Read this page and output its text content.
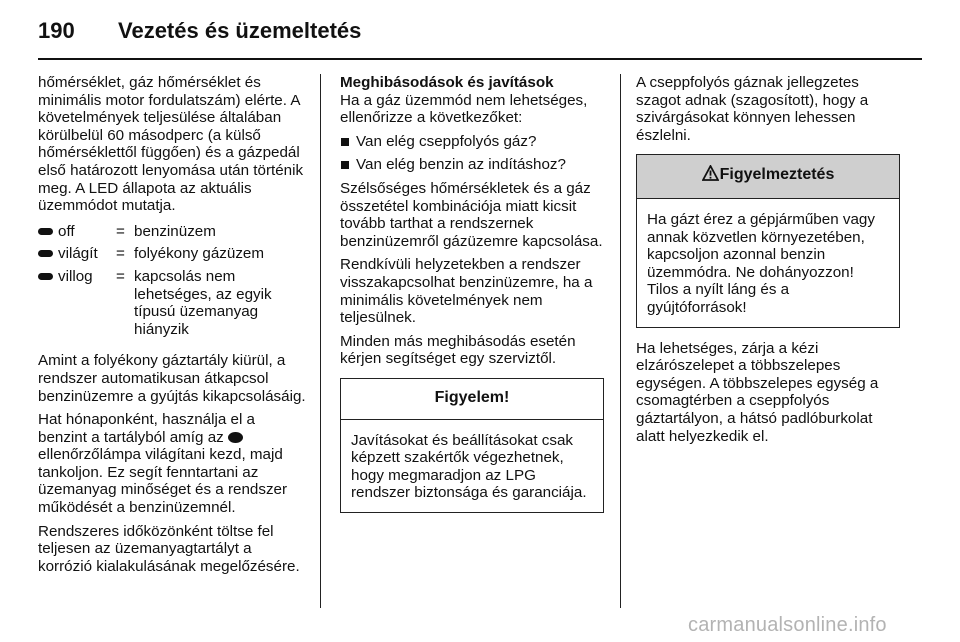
190 Vezetés és üzemeltetés

hőmérséklet, gáz hőmérséklet és minimális motor fordulatszám) elérte. A követelmények teljesülése általában körülbelül 60 másodperc (a külső hőmérséklettől függően) és a gázpedál első határozott lenyomása után történik meg. A LED állapota az aktuális üzemmódot mutatja.

off	= benzinüzem
világít	= folyékony gázüzem
villog	= kapcsolás nem lehetséges, az egyik típusú üzemanyag hiányzik

Amint a folyékony gáztartály kiürül, a rendszer automatikusan átkapcsol benzinüzemre a gyújtás kikapcsolásáig.

Hat hónaponként, használja el a benzint a tartályból amíg az  ellenőrzőlámpa világítani kezd, majd tankoljon. Ez segít fenntartani az üzemanyag minőséget és a rendszer működését a benzinüzemnél.

Rendszeres időközönként töltse fel teljesen az üzemanyagtartályt a korrózió kialakulásának megelőzésére.

Meghibásodások és javítások

Ha a gáz üzemmód nem lehetséges, ellenőrizze a következőket:

Van elég cseppfolyós gáz?
Van elég benzin az indításhoz?

Szélsőséges hőmérsékletek és a gáz összetétel kombinációja miatt kicsit tovább tarthat a rendszernek benzinüzemről gázüzemre kapcsolása.

Rendkívüli helyzetekben a rendszer visszakapcsolhat benzinüzemre, ha a minimális követelmények nem teljesülnek.

Minden más meghibásodás esetén kérjen segítséget egy szerviztől.

Figyelem!
Javításokat és beállításokat csak képzett szakértők végezhetnek, hogy megmaradjon az LPG rendszer biztonsága és garanciája.

A cseppfolyós gáznak jellegzetes szagot adnak (szagosított), hogy a szivárgásokat könnyen lehessen észlelni.

Figyelmeztetés
Ha gázt érez a gépjárműben vagy annak közvetlen környezetében, kapcsoljon azonnal benzin üzemmódra. Ne dohányozzon! Tilos a nyílt láng és a gyújtóforrások!

Ha lehetséges, zárja a kézi elzárószelepet a többszelepes egységen. A többszelepes egység a csomagtérben a cseppfolyós gáztartályon, a hátsó padlóburkolat alatt helyezkedik el.

carmanualsonline.info
